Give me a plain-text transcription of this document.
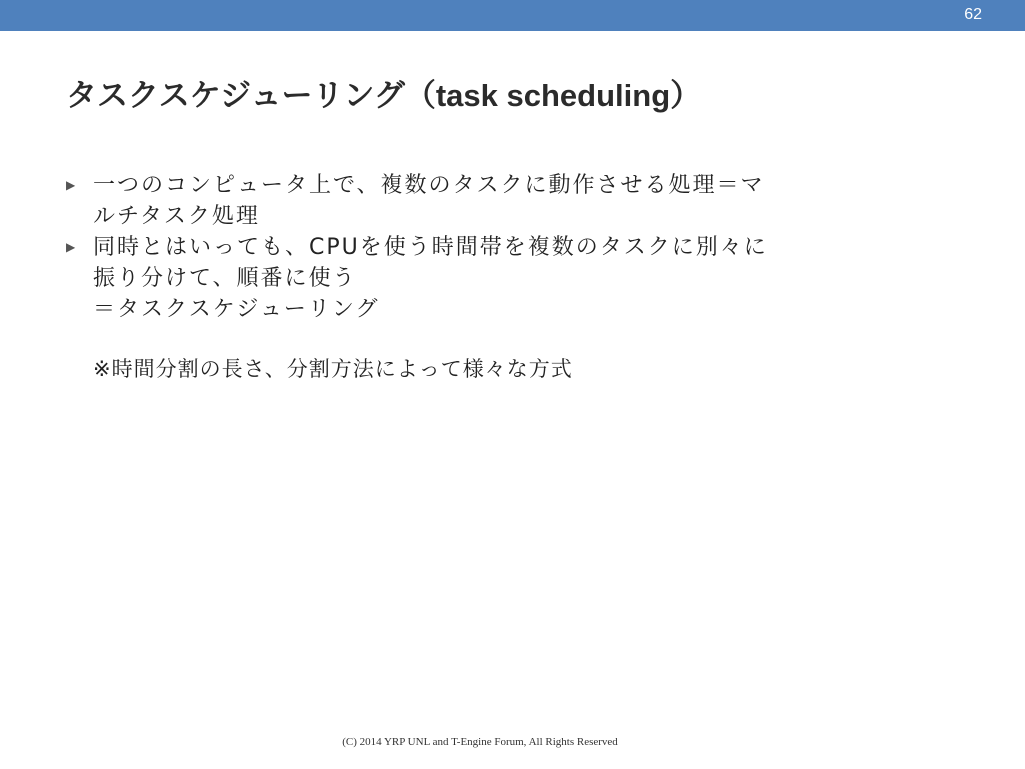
62
タスクスケジューリング（task scheduling）
▶ 一つのコンピュータ上で、複数のタスクに動作させる処理＝マ
ルチタスク処理
▶ 同時とはいっても、CPUを使う時間帯を複数のタスクに別々に
振り分けて、順番に使う
＝タスクスケジューリング
※時間分割の長さ、分割方法によって様々な方式
(C) 2014 YRP UNL and T-Engine Forum, All Rights Reserved
